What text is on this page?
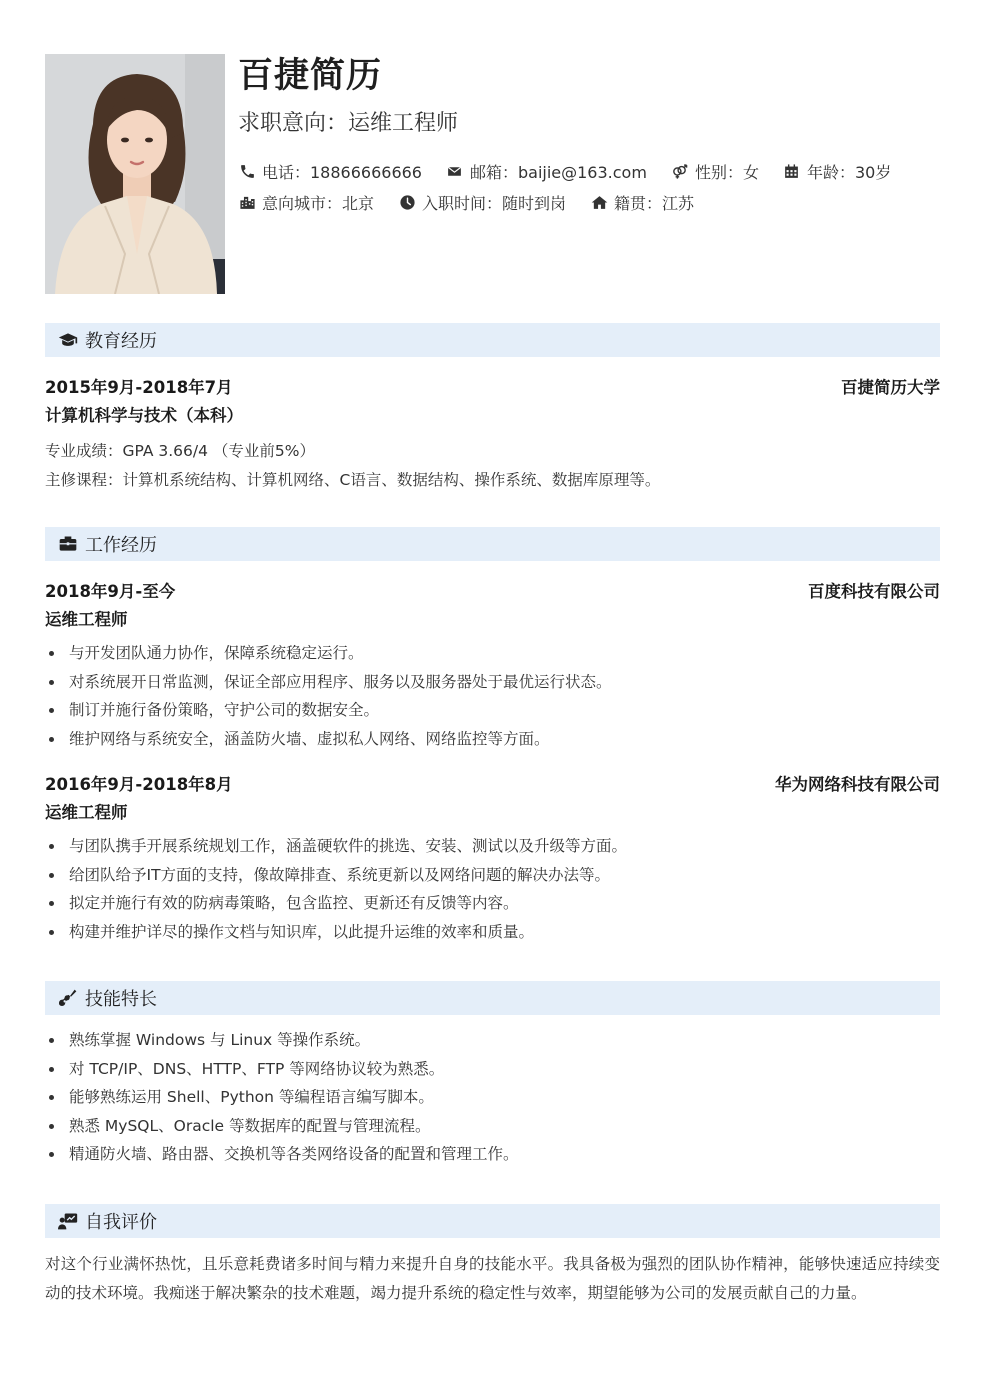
百捷简历
求职意向：运维工程师
电话：18866666666	邮箱：baijie@163.com	性别：女	年龄：30岁
意向城市：北京	入职时间：随时到岗	籍贯：江苏
教育经历
2015年9月-2018年7月	百捷简历大学
计算机科学与技术（本科）
专业成绩：GPA 3.66/4 （专业前5%）
主修课程：计算机系统结构、计算机网络、C语言、数据结构、操作系统、数据库原理等。
工作经历
2018年9月-至今	百度科技有限公司
运维工程师
与开发团队通力协作，保障系统稳定运行。
对系统展开日常监测，保证全部应用程序、服务以及服务器处于最优运行状态。
制订并施行备份策略，守护公司的数据安全。
维护网络与系统安全，涵盖防火墙、虚拟私人网络、网络监控等方面。
2016年9月-2018年8月	华为网络科技有限公司
运维工程师
与团队携手开展系统规划工作，涵盖硬软件的挑选、安装、测试以及升级等方面。
给团队给予IT方面的支持，像故障排查、系统更新以及网络问题的解决办法等。
拟定并施行有效的防病毒策略，包含监控、更新还有反馈等内容。
构建并维护详尽的操作文档与知识库，以此提升运维的效率和质量。
技能特长
熟练掌握 Windows 与 Linux 等操作系统。
对 TCP/IP、DNS、HTTP、FTP 等网络协议较为熟悉。
能够熟练运用 Shell、Python 等编程语言编写脚本。
熟悉 MySQL、Oracle 等数据库的配置与管理流程。
精通防火墙、路由器、交换机等各类网络设备的配置和管理工作。
自我评价
对这个行业满怀热忱，且乐意耗费诸多时间与精力来提升自身的技能水平。我具备极为强烈的团队协作精神，能够快速适应持续变动的技术环境。我痴迷于解决繁杂的技术难题，竭力提升系统的稳定性与效率，期望能够为公司的发展贡献自己的力量。
